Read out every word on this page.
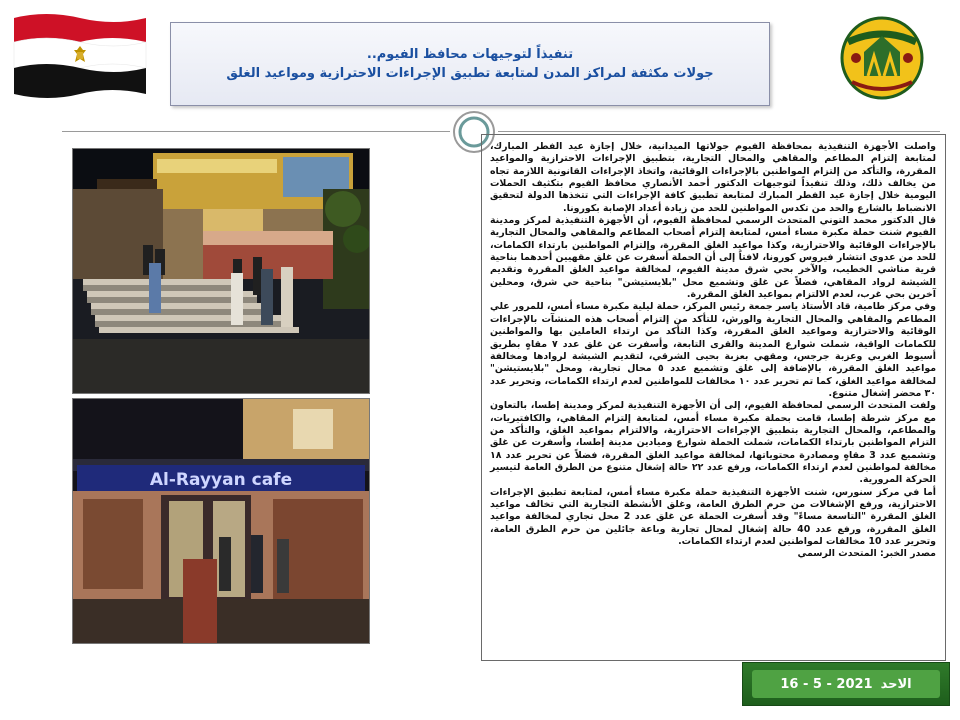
تنفيذاً لتوجيهات محافظ الفيوم..
جولات مكثفة لمراكز المدن لمتابعة تطبيق الإجراءات الاحترازية ومواعيد الغلق
Al-Rayyan cafe

واصلت الأجهزة التنفيذية بمحافظة الفيوم جولاتها الميدانية، خلال إجازة عيد الفطر المبارك، لمتابعة إلتزام المطاعم والمقاهي والمحال التجارية، بتطبيق الإجراءات الاحترازية والمواعيد المقررة، والتأكد من إلتزام المواطنين بالإجراءات الوقائية، واتخاذ الإجراءات القانونية اللازمة تجاه من يخالف ذلك، وذلك تنفيذاً لتوجيهات الدكتور أحمد الأنصاري محافظ الفيوم بتكثيف الحملات اليومية خلال إجازة عيد الفطر المبارك لمتابعة تطبيق كافة الإجراءات التي تتخذها الدولة لتحقيق الانضباط بالشارع والحد من تكدس المواطنين للحد من زيادة أعداد الإصابة بكورونا.

قال الدكتور محمد التوني المتحدث الرسمي لمحافظة الفيوم، أن الأجهزة التنفيذية لمركز ومدينة الفيوم شنت حملة مكبرة مساء أمس، لمتابعة إلتزام أصحاب المطاعم والمقاهي والمحال التجارية بالإجراءات الوقائية والاحترازية، وكذا مواعيد الغلق المقررة، وإلتزام المواطنين بارتداء الكمامات، للحد من عدوى انتشار فيروس كورونا، لافتاً إلى أن الحملة أسفرت عن غلق مقهيين أحدهما بناحية قرية مناشي الخطيب، والآخر بحي شرق مدينة الفيوم، لمخالفة مواعيد الغلق المقررة وتقديم الشيشة لرواد المقاهي، فضلاً عن غلق وتشميع محل "بلايستيشن" بناحية حي شرق، ومحلين آخرين بحي غرب، لعدم الالتزام بمواعيد الغلق المقررة.

وفي مركز طامية، قاد الأستاذ ياسر جمعة رئيس المركز، حملة ليلية مكبرة مساء أمس، للمرور علي المطاعم والمقاهي والمحال التجارية والورش، للتأكد من إلتزام أصحاب هذه المنشآت بالإجراءات الوقائية والاحترازية ومواعيد الغلق المقررة، وكذا التأكد من ارتداء العاملين بها والمواطنين للكمامات الواقية، شملت شوارع المدينة والقرى التابعة، وأسفرت عن غلق عدد ٧ مقاهٍ بطريق أسيوط الغربي وعزبة جرجس، ومقهي بعزبة بحيى الشرقي، لتقديم الشيشة لروادها ومخالفة مواعيد الغلق المقررة، بالإضافة إلى غلق وتشميع عدد ٥ محال تجارية، ومحل "بلايستيشن" لمخالفة مواعيد الغلق، كما تم تحرير عدد ١٠ مخالفات للمواطنين لعدم ارتداء الكمامات، وتحرير عدد ٣٠ محضر إشغال متنوع.

ولفت المتحدث الرسمي لمحافظة الفيوم، إلى أن الأجهزة التنفيذية لمركز ومدينة إطسا، بالتعاون مع مركز شرطة إطسا، قامت بحملة مكبرة مساء أمس، لمتابعة إلتزام المقاهي، والكافتيريات، والمطاعم، والمحال التجارية بتطبيق الإجراءات الاحترازية، والالتزام بمواعيد الغلق، والتأكد من التزام المواطنين بارتداء الكمامات، شملت الحملة شوارع وميادين مدينة إطسا، وأسفرت عن غلق وتشميع عدد 3 مقاهٍ ومصادرة محتوياتها، لمخالفة مواعيد الغلق المقررة، فضلاً عن تحرير عدد ١٨ مخالفة لمواطنين لعدم ارتداء الكمامات، ورفع عدد ٢٢ حالة إشغال متنوع من الطرق العامة لتيسير الحركة المرورية.

أما في مركز سنورس، شنت الأجهزة التنفيذية حملة مكبرة مساء أمس، لمتابعة تطبيق الإجراءات الاحترازية، ورفع الإشغالات من حرم الطرق العامة، وغلق الأنشطة التجارية التي تخالف مواعيد الغلق المقررة "التاسعة مساءً" وقد أسفرت الحملة عن غلق عدد 2 محل تجاري لمخالفة مواعيد الغلق المقررة، ورفع عدد 40 حالة إشغال لمحال تجارية وباعة جائلين من حرم الطرق العامة، وتحرير عدد 10 مخالفات لمواطنين لعدم ارتداء الكمامات.

مصدر الخبر: المتحدث الرسمي

الاحد
16 - 5 - 2021
